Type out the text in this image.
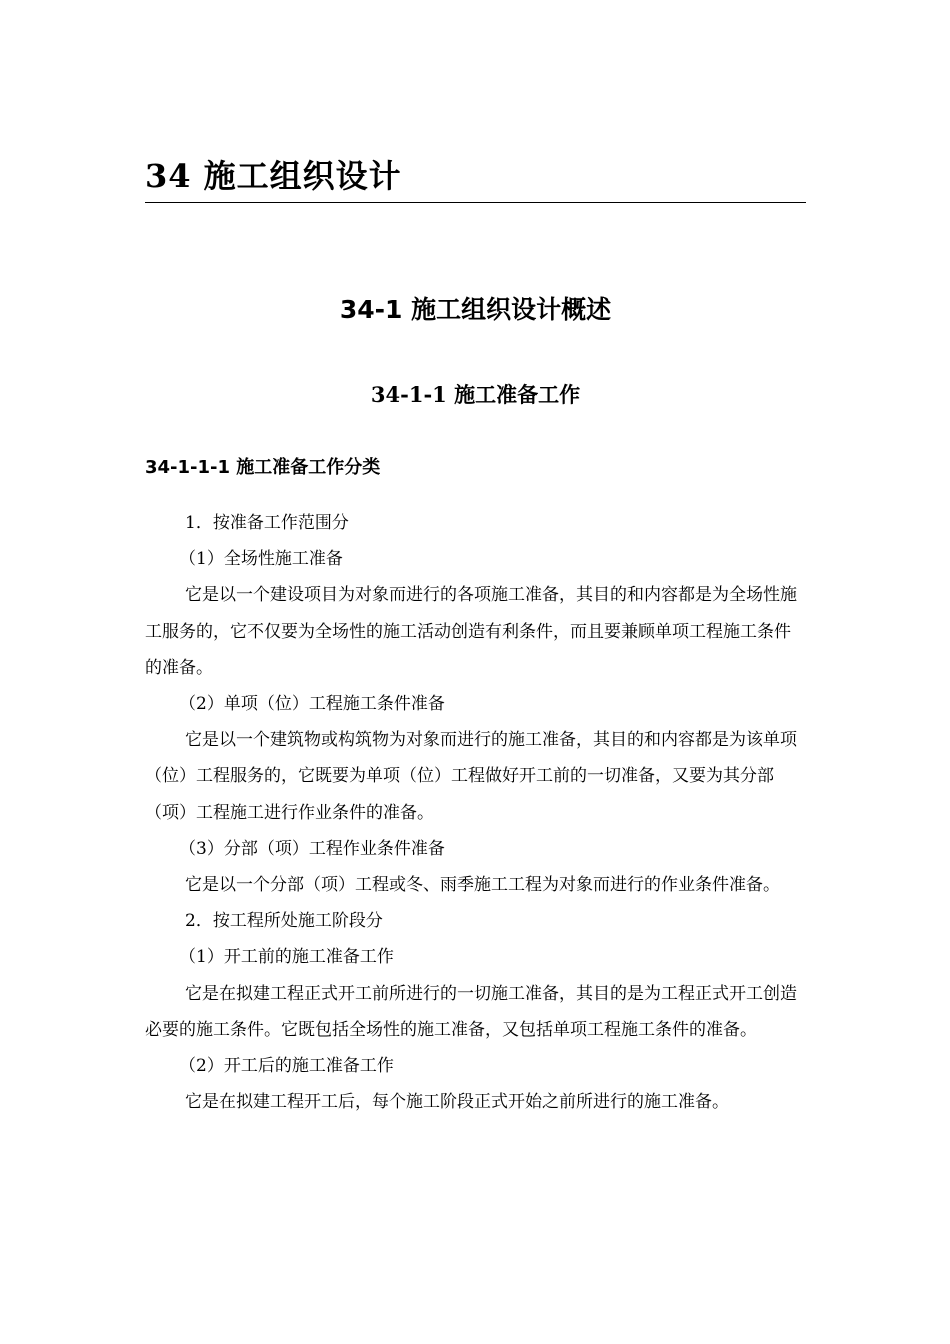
34 施工组织设计
34-1 施工组织设计概述
34-1-1 施工准备工作
34-1-1-1 施工准备工作分类

1．按准备工作范围分

（1）全场性施工准备

它是以一个建设项目为对象而进行的各项施工准备，其目的和内容都是为全场性施工服务的，它不仅要为全场性的施工活动创造有利条件，而且要兼顾单项工程施工条件的准备。

（2）单项（位）工程施工条件准备

它是以一个建筑物或构筑物为对象而进行的施工准备，其目的和内容都是为该单项（位）工程服务的，它既要为单项（位）工程做好开工前的一切准备，又要为其分部（项）工程施工进行作业条件的准备。

（3）分部（项）工程作业条件准备

它是以一个分部（项）工程或冬、雨季施工工程为对象而进行的作业条件准备。

2．按工程所处施工阶段分

（1）开工前的施工准备工作

它是在拟建工程正式开工前所进行的一切施工准备，其目的是为工程正式开工创造必要的施工条件。它既包括全场性的施工准备，又包括单项工程施工条件的准备。

（2）开工后的施工准备工作

它是在拟建工程开工后，每个施工阶段正式开始之前所进行的施工准备。
